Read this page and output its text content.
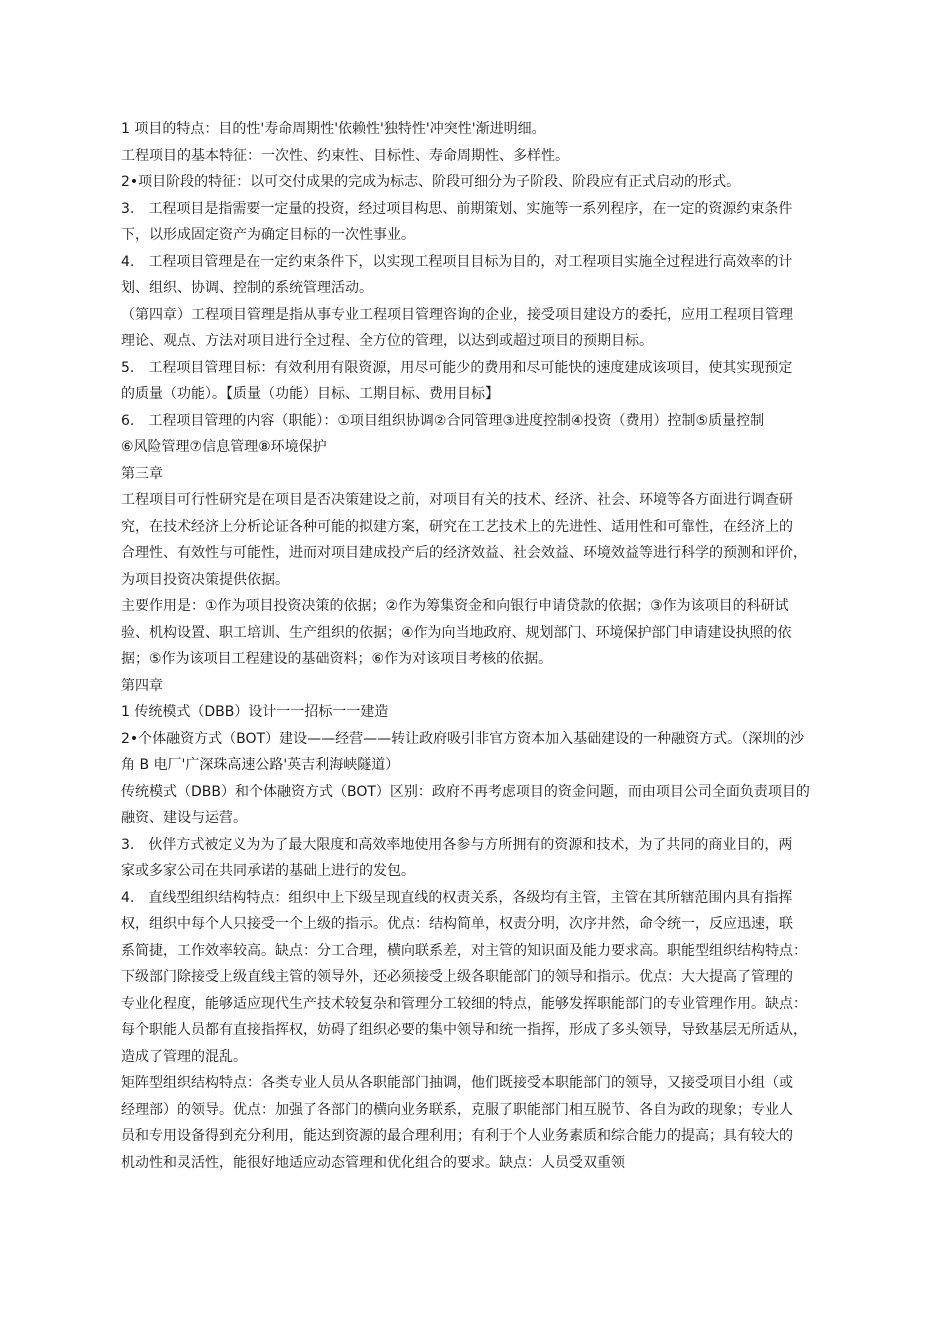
1 项目的特点：目的性'寿命周期性'依赖性'独特性'冲突性'渐进明细。
工程项目的基本特征：一次性、约束性、目标性、寿命周期性、多样性。
2•项目阶段的特征：以可交付成果的完成为标志、阶段可细分为子阶段、阶段应有正式启动的形式。
3.　工程项目是指需要一定量的投资，经过项目构思、前期策划、实施等一系列程序，在一定的资源约束条件
下，以形成固定资产为确定目标的一次性事业。
4.　工程项目管理是在一定约束条件下，以实现工程项目目标为目的，对工程项目实施全过程进行高效率的计
划、组织、协调、控制的系统管理活动。
（第四章）工程项目管理是指从事专业工程项目管理咨询的企业，接受项目建设方的委托，应用工程项目管理
理论、观点、方法对项目进行全过程、全方位的管理，以达到或超过项目的预期目标。
5.　工程项目管理目标：有效利用有限资源，用尽可能少的费用和尽可能快的速度建成该项目，使其实现预定
的质量（功能）。【质量（功能）目标、工期目标、费用目标】
6.　工程项目管理的内容（职能）：①项目组织协调②合同管理③进度控制④投资（费用）控制⑤质量控制
⑥风险管理⑦信息管理⑧环境保护
第三章
工程项目可行性研究是在项目是否决策建设之前，对项目有关的技术、经济、社会、环境等各方面进行调查研
究，在技术经济上分析论证各种可能的拟建方案，研究在工艺技术上的先进性、适用性和可靠性，在经济上的
合理性、有效性与可能性，进而对项目建成投产后的经济效益、社会效益、环境效益等进行科学的预测和评价，
为项目投资决策提供依据。
主要作用是：①作为项目投资决策的依据；②作为筹集资金和向银行申请贷款的依据；③作为该项目的科研试
验、机构设置、职工培训、生产组织的依据；④作为向当地政府、规划部门、环境保护部门申请建设执照的依
据；⑤作为该项目工程建设的基础资料；⑥作为对该项目考核的依据。
第四章
1 传统模式（DBB）设计一一招标一一建造
2•个体融资方式（BOT）建设——经营——转让政府吸引非官方资本加入基础建设的一种融资方式。（深圳的沙
角 B 电厂'广深珠高速公路'英吉利海峡隧道）
传统模式（DBB）和个体融资方式（BOT）区别：政府不再考虑项目的资金问题，而由项目公司全面负责项目的
融资、建设与运营。
3.　伙伴方式被定义为为了最大限度和高效率地使用各参与方所拥有的资源和技术，为了共同的商业目的，两
家或多家公司在共同承诺的基础上进行的发包。
4.　直线型组织结构特点：组织中上下级呈现直线的权责关系，各级均有主管，主管在其所辖范围内具有指挥
权，组织中每个人只接受一个上级的指示。优点：结构简单，权责分明，次序井然，命令统一，反应迅速，联
系简捷，工作效率较高。缺点：分工合理，横向联系差，对主管的知识面及能力要求高。职能型组织结构特点：
下级部门除接受上级直线主管的领导外，还必须接受上级各职能部门的领导和指示。优点：大大提高了管理的
专业化程度，能够适应现代生产技术较复杂和管理分工较细的特点，能够发挥职能部门的专业管理作用。缺点：
每个职能人员都有直接指挥权，妨碍了组织必要的集中领导和统一指挥，形成了多头领导，导致基层无所适从，
造成了管理的混乱。
矩阵型组织结构特点：各类专业人员从各职能部门抽调，他们既接受本职能部门的领导，又接受项目小组（或
经理部）的领导。优点：加强了各部门的横向业务联系，克服了职能部门相互脱节、各自为政的现象；专业人
员和专用设备得到充分利用，能达到资源的最合理利用；有利于个人业务素质和综合能力的提高；具有较大的
机动性和灵活性，能很好地适应动态管理和优化组合的要求。缺点：人员受双重领
